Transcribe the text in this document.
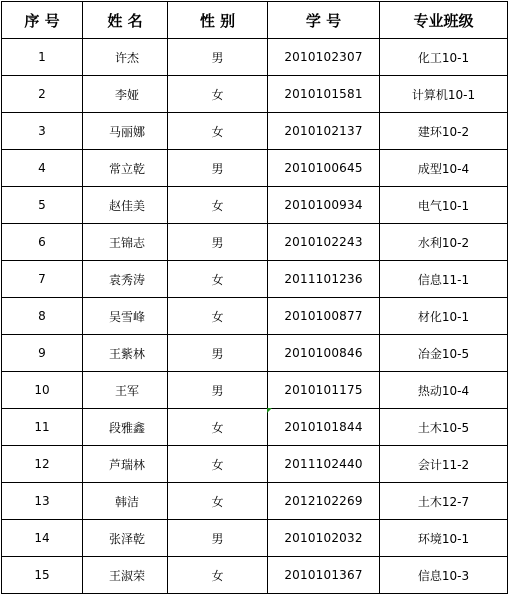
序 号	姓 名	性 别	学 号	专业班级
1	许杰	男	2010102307	化工10-1
2	李娅	女	2010101581	计算机10-1
3	马丽娜	女	2010102137	建环10-2
4	常立乾	男	2010100645	成型10-4
5	赵佳美	女	2010100934	电气10-1
6	王锦志	男	2010102243	水利10-2
7	袁秀涛	女	2011101236	信息11-1
8	吴雪峰	女	2010100877	材化10-1
9	王紫林	男	2010100846	冶金10-5
10	王军	男	2010101175	热动10-4
11	段雅鑫	女	2010101844	土木10-5
12	芦瑞林	女	2011102440	会计11-2
13	韩洁	女	2012102269	土木12-7
14	张泽乾	男	2010102032	环境10-1
15	王淑荣	女	2010101367	信息10-3
